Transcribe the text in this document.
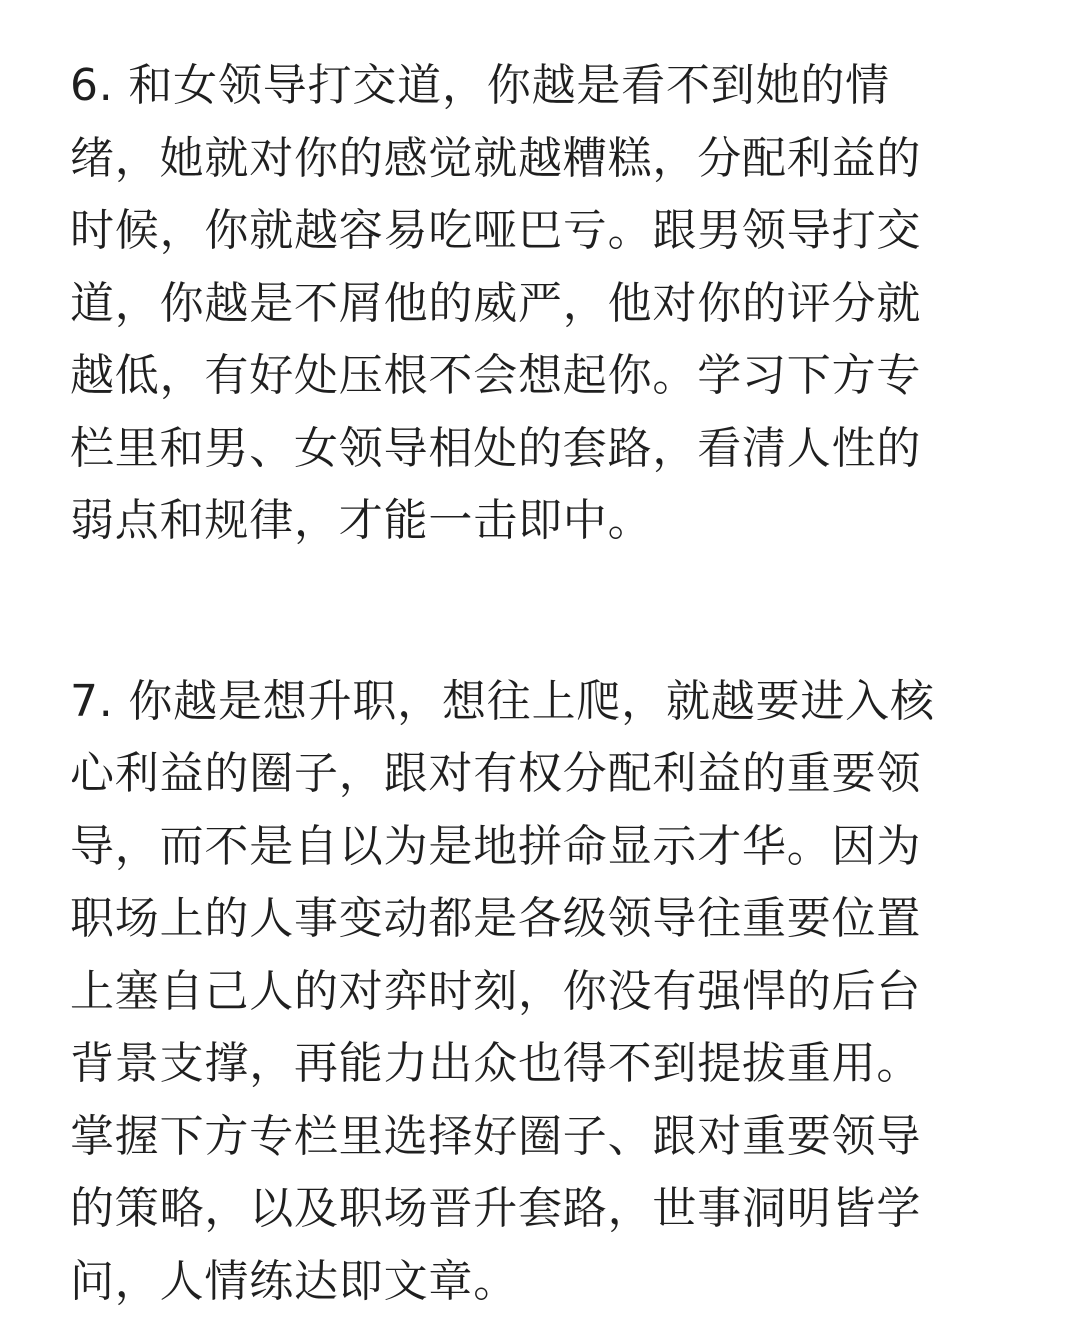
6. 和女领导打交道，你越是看不到她的情
绪，她就对你的感觉就越糟糕，分配利益的
时候，你就越容易吃哑巴亏。跟男领导打交
道，你越是不屑他的威严，他对你的评分就
越低，有好处压根不会想起你。学习下方专
栏里和男、女领导相处的套路，看清人性的
弱点和规律，才能一击即中。
7. 你越是想升职，想往上爬，就越要进入核
心利益的圈子，跟对有权分配利益的重要领
导，而不是自以为是地拼命显示才华。因为
职场上的人事变动都是各级领导往重要位置
上塞自己人的对弈时刻，你没有强悍的后台
背景支撑，再能力出众也得不到提拔重用。
掌握下方专栏里选择好圈子、跟对重要领导
的策略，以及职场晋升套路，世事洞明皆学
问，人情练达即文章。
